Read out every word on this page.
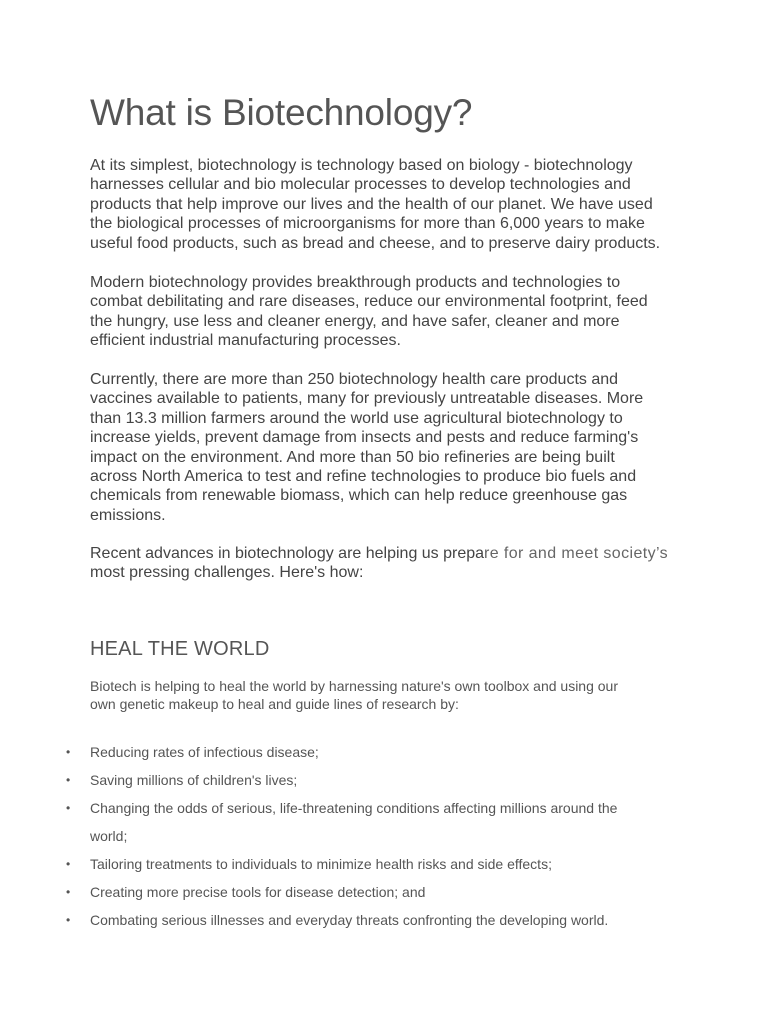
What is Biotechnology?

At its simplest, biotechnology is technology based on biology - biotechnology
harnesses cellular and bio molecular processes to develop technologies and
products that help improve our lives and the health of our planet. We have used
the biological processes of microorganisms for more than 6,000 years to make
useful food products, such as bread and cheese, and to preserve dairy products.

Modern biotechnology provides breakthrough products and technologies to
combat debilitating and rare diseases, reduce our environmental footprint, feed
the hungry, use less and cleaner energy, and have safer, cleaner and more
efficient industrial manufacturing processes.

Currently, there are more than 250 biotechnology health care products and
vaccines available to patients, many for previously untreatable diseases. More
than 13.3 million farmers around the world use agricultural biotechnology to
increase yields, prevent damage from insects and pests and reduce farming's
impact on the environment. And more than 50 bio refineries are being built
across North America to test and refine technologies to produce bio fuels and
chemicals from renewable biomass, which can help reduce greenhouse gas
emissions.

Recent advances in biotechnology are helping us prepare for and meet society’s
most pressing challenges. Here's how:

HEAL THE WORLD

Biotech is helping to heal the world by harnessing nature's own toolbox and using our
own genetic makeup to heal and guide lines of research by:

• Reducing rates of infectious disease;
• Saving millions of children's lives;
• Changing the odds of serious, life-threatening conditions affecting millions around the
world;
• Tailoring treatments to individuals to minimize health risks and side effects;
• Creating more precise tools for disease detection; and
• Combating serious illnesses and everyday threats confronting the developing world.
